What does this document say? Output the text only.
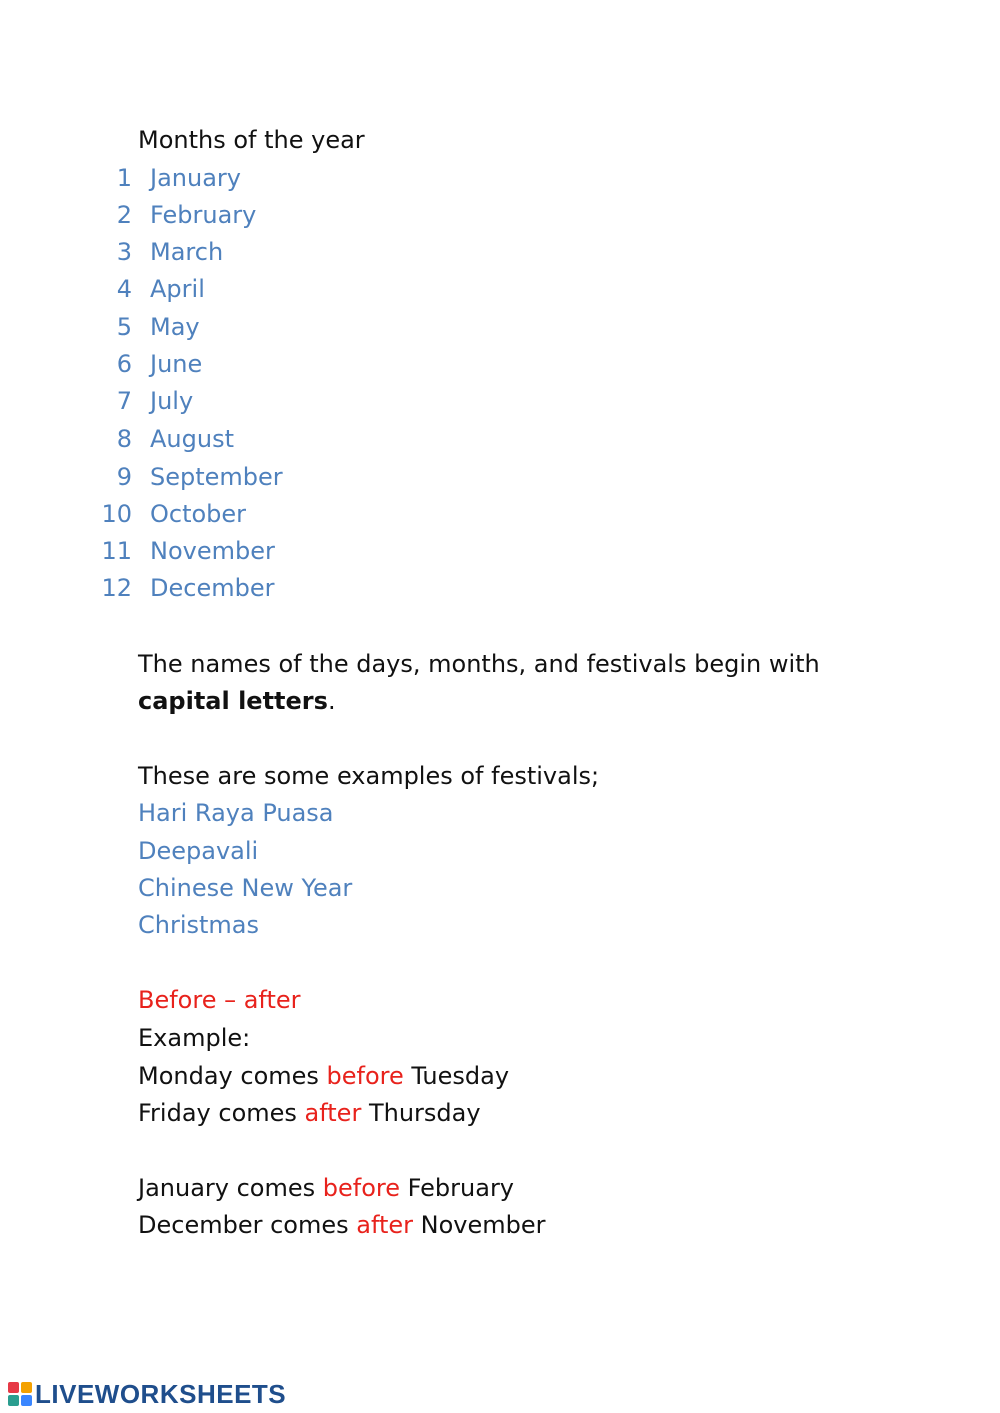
Months of the year
1 January
2 February
3 March
4 April
5 May
6 June
7 July
8 August
9 September
10 October
11 November
12 December
The names of the days, months, and festivals begin with
capital letters.
These are some examples of festivals;
Hari Raya Puasa
Deepavali
Chinese New Year
Christmas
Before – after
Example:
Monday comes before Tuesday
Friday comes after Thursday
January comes before February
December comes after November
LIVEWORKSHEETS
